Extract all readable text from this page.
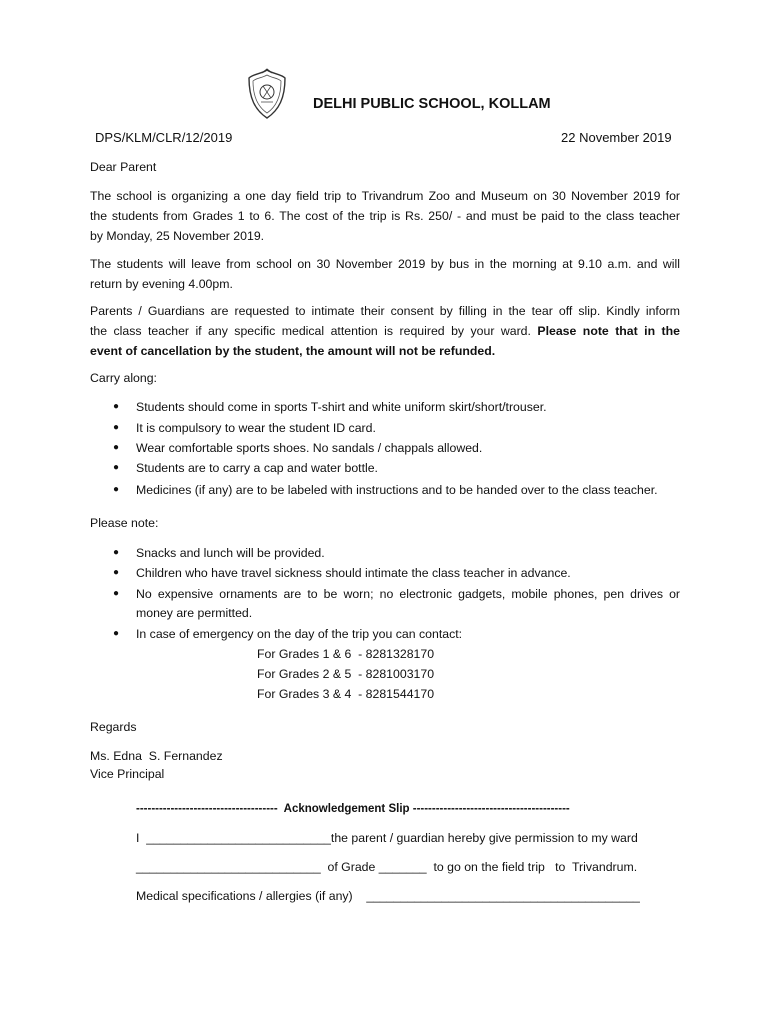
DELHI PUBLIC SCHOOL, KOLLAM
DPS/KLM/CLR/12/2019	22 November 2019
Dear Parent
The school is organizing a one day field trip to Trivandrum Zoo and Museum on 30 November 2019 for
the students from Grades 1 to 6. The cost of the trip is Rs. 250/ - and must be paid to the class teacher
by Monday, 25 November 2019.
The students will leave from school on 30 November 2019 by bus in the morning at 9.10 a.m. and will
return by evening 4.00pm.
Parents / Guardians are requested to intimate their consent by filling in the tear off slip. Kindly inform
the class teacher if any specific medical attention is required by your ward. Please note that in the
event of cancellation by the student, the amount will not be refunded.
Carry along:
● Students should come in sports T-shirt and white uniform skirt/short/trouser.
● It is compulsory to wear the student ID card.
● Wear comfortable sports shoes. No sandals / chappals allowed.
● Students are to carry a cap and water bottle.
● Medicines (if any) are to be labeled with instructions and to be handed over to the class teacher.
Please note:
● Snacks and lunch will be provided.
● Children who have travel sickness should intimate the class teacher in advance.
● No expensive ornaments are to be worn; no electronic gadgets, mobile phones, pen drives or
money are permitted.
● In case of emergency on the day of the trip you can contact:
For Grades 1 & 6  - 8281328170
For Grades 2 & 5  - 8281003170
For Grades 3 & 4  - 8281544170
Regards
Ms. Edna  S. Fernandez
Vice Principal
-------------------------------------  Acknowledgement Slip -----------------------------------------
I  ___________________________the parent / guardian hereby give permission to my ward
___________________________  of Grade _______  to go on the field trip   to  Trivandrum.
Medical specifications / allergies (if any)    ________________________________________
